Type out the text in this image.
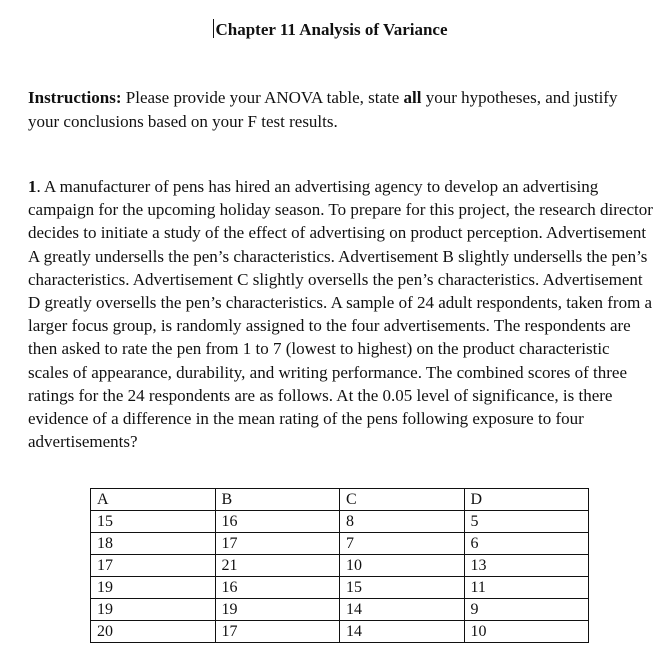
Chapter 11 Analysis of Variance
Instructions: Please provide your ANOVA table, state all your hypotheses, and justify your conclusions based on your F test results.
1. A manufacturer of pens has hired an advertising agency to develop an advertising campaign for the upcoming holiday season. To prepare for this project, the research director decides to initiate a study of the effect of advertising on product perception. Advertisement A greatly undersells the pen’s characteristics. Advertisement B slightly undersells the pen’s characteristics. Advertisement C slightly oversells the pen’s characteristics. Advertisement D greatly oversells the pen’s characteristics. A sample of 24 adult respondents, taken from a larger focus group, is randomly assigned to the four advertisements. The respondents are then asked to rate the pen from 1 to 7 (lowest to highest) on the product characteristic scales of appearance, durability, and writing performance. The combined scores of three ratings for the 24 respondents are as follows. At the 0.05 level of significance, is there evidence of a difference in the mean rating of the pens following exposure to four advertisements?
A	B	C	D
15	16	8	5
18	17	7	6
17	21	10	13
19	16	15	11
19	19	14	9
20	17	14	10
